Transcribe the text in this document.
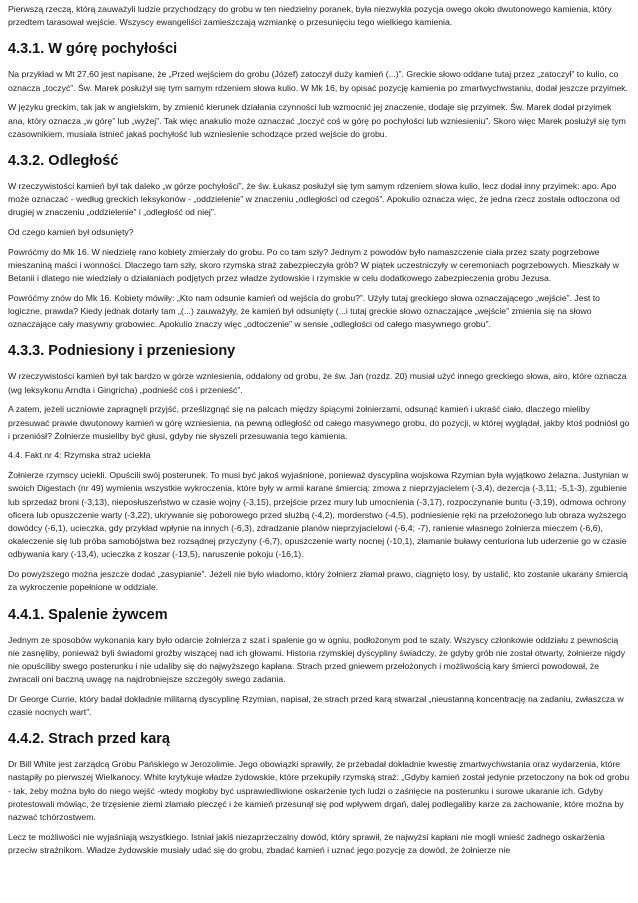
Pierwszą rzeczą, którą zauważyli ludzie przychodzący do grobu w ten niedzielny poranek, była niezwykła pozycja owego około dwutonowego kamienia, który przedtem tarasował wejście. Wszyscy ewangeliści zamieszczają wzmiankę o przesunięciu tego wielkiego kamienia.

4.3.1. W górę pochyłości

Na przykład w Mt 27,60 jest napisane, że „Przed wejściem do grobu (Józef) zatoczył duży kamień (...)”. Greckie słowo oddane tutaj przez „zatoczył” to kulio, co oznacza „toczyć”. Św. Marek posłużył się tym samym rdzeniem słowa kulio. W Mk 16, by opisać pozycję kamienia po zmartwychwstaniu, dodał jeszcze przyimek.

W języku greckim, tak jak w angielskim, by zmienić kierunek działania czynności lub wzmocnić jej znaczenie, dodaje się przyimek. Św. Marek dodał przyimek ana, który oznacza „w górę” lub „wyżej”. Tak więc anakulio może oznaczać „toczyć coś w górę po pochyłości lub wzniesieniu”. Skoro więc Marek posłużył się tym czasownikiem, musiała istnieć jakaś pochyłość lub wzniesienie schodzące przed wejście do grobu.

4.3.2. Odległość

W rzeczywistości kamień był tak daleko „w górze pochyłości”, że św. Łukasz posłużył się tym samym rdzeniem słowa kulio, lecz dodał inny przyimek: apo. Apo może oznaczać - według greckich leksykonów - „oddzielenie” w znaczeniu „odległości od czegoś”. Apokulio oznacza więc, że jedna rzecz została odtoczona od drugiej w znaczeniu „oddzielenie” i „odległość od niej”.

Od czego kamień był odsunięty?

Powróćmy do Mk 16. W niedzielę rano kobiety zmierzały do grobu. Po co tam szły? Jednym z powodów było namaszczenie ciała przez szaty pogrzebowe mieszaniną maści i wonności. Dlaczego tam szły, skoro rzymska straż zabezpieczyła grób? W piątek uczestniczyły w ceremoniach pogrzebowych. Mieszkały w Betanii i dlatego nie wiedziały o działaniach podjętych przez władze żydowskie i rzymskie w celu dodatkowego zabezpieczenia grobu Jezusa.

Powróćmy znów do Mk 16. Kobiety mówiły: „Kto nam odsunie kamień od wejścia do grobu?”. Użyły tutaj greckiego słowa oznaczającego „wejście”. Jest to logiczne, prawda? Kiedy jednak dotarły tam „(...) zauważyły, że kamień był odsunięty (...i tutaj greckie słowo oznaczające „wejście” zmienia się na słowo oznaczające cały masywny grobowiec. Apokulio znaczy więc „odtoczenie” w sensie „odległości od całego masywnego grobu”.

4.3.3. Podniesiony i przeniesiony

W rzeczywistości kamień był tak bardzo w górze wzniesienia, oddalony od grobu, że św. Jan (rozdz. 20) musiał użyć innego greckiego słowa, airo, które oznacza (wg leksykonu Arndta i Gingricha) „podnieść coś i przenieść”.

A zatem, jeżeli uczniowie zapragnęli przyjść, prześlizgnąć się na palcach między śpiącymi żołnierzami, odsunąć kamień i ukraść ciało, dlaczego mieliby przesuwać prawie dwutonowy kamień w górę wzniesienia, na pewną odległość od całego masywnego grobu, do pozycji, w której wyglądał, jakby ktoś podniósł go i przeniósł? Żołnierze musieliby być głusi, gdyby nie słyszeli przesuwania tego kamienia.

4.4. Fakt nr 4: Rzymska straż uciekła

Żołnierze rzymscy uciekli. Opuścili swój posterunek. To musi być jakoś wyjaśnione, ponieważ dyscyplina wojskowa Rzymian była wyjątkowo żelazna. Justynian w swoich Digestach (nr 49) wymienia wszystkie wykroczenia, które były w armii karane śmiercią: zmowa z nieprzyjacielem (-3,4), dezercja (-3,11; -5,1-3), zgubienie lub sprzedaż broni (-3,13), nieposłuszeństwo w czasie wojny (-3,15), przejście przez mury lub umocnienia (-3,17), rozpoczynanie buntu (-3,19), odmowa ochrony oficera lub opuszczenie warty (-3,22), ukrywanie się poborowego przed służbą (-4,2), morderstwo (-4,5), podniesienie ręki na przełożonego lub obraza wyższego dowódcy (-6,1), ucieczka, gdy przykład wpłynie na innych (-6,3), zdradzanie planów nieprzyjacielowi (-6,4; -7), ranienie własnego żołnierza mieczem (-6,6), okaleczenie się lub próba samobójstwa bez rozsądnej przyczyny (-6,7), opuszczenie warty nocnej (-10,1), złamanie buławy centuriona lub uderzenie go w czasie odbywania kary (-13,4), ucieczka z koszar (-13,5), naruszenie pokoju (-16,1).

Do powyższego można jeszcze dodać „zasypianie”. Jeżeli nie było wiadomo, który żołnierz złamał prawo, ciągnięto losy, by ustalić, kto zostanie ukarany śmiercią za wykroczenie popełnione w oddziale.

4.4.1. Spalenie żywcem

Jednym ze sposobów wykonania kary było odarcie żołnierza z szat i spalenie go w ogniu, podłożonym pod te szaty. Wszyscy członkowie oddziału z pewnością nie zasnęliby, ponieważ byli świadomi groźby wiszącej nad ich głowami. Historia rzymskiej dyscypliny świadczy, że gdyby grób nie został otwarty, żołnierze nigdy nie opuściliby swego posterunku i nie udaliby się do najwyższego kapłana. Strach przed gniewem przełożonych i możliwością kary śmierci powodował, że zwracali oni baczną uwagę na najdrobniejsze szczegóły swego zadania.

Dr George Currie, który badał dokładnie militarną dyscyplinę Rzymian, napisał, że strach przed karą stwarzał „nieustanną koncentrację na zadaniu, zwłaszcza w czasie nocnych wart”.

4.4.2. Strach przed karą

Dr Bill White jest zarządcą Grobu Pańskiego w Jerozolimie. Jego obowiązki sprawiły, że przebadał dokładnie kwestię zmartwychwstania oraz wydarzenia, które nastąpiły po pierwszej Wielkanocy. White krytykuje władze żydowskie, które przekupiły rzymską straż: „Gdyby kamień został jedynie przetoczony na bok od grobu - tak, żeby można było do niego wejść -wtedy mogłoby być usprawiedliwione oskarżenie tych ludzi o zaśnięcie na posterunku i surowe ukaranie ich. Gdyby protestowali mówiąc, że trzęsienie ziemi złamało pieczęć i że kamień przesunął się pod wpływem drgań, dalej podlegaliby karze za zachowanie, które można by nazwać tchórzostwem.

Lecz te możliwości nie wyjaśniają wszystkiego. Istniał jakiś niezaprzeczalny dowód, który sprawił, że najwyżsi kapłani nie mogli wnieść żadnego oskarżenia przeciw strażnikom. Władze żydowskie musiały udać się do grobu, zbadać kamień i uznać jego pozycję za dowód, że żołnierze nie
